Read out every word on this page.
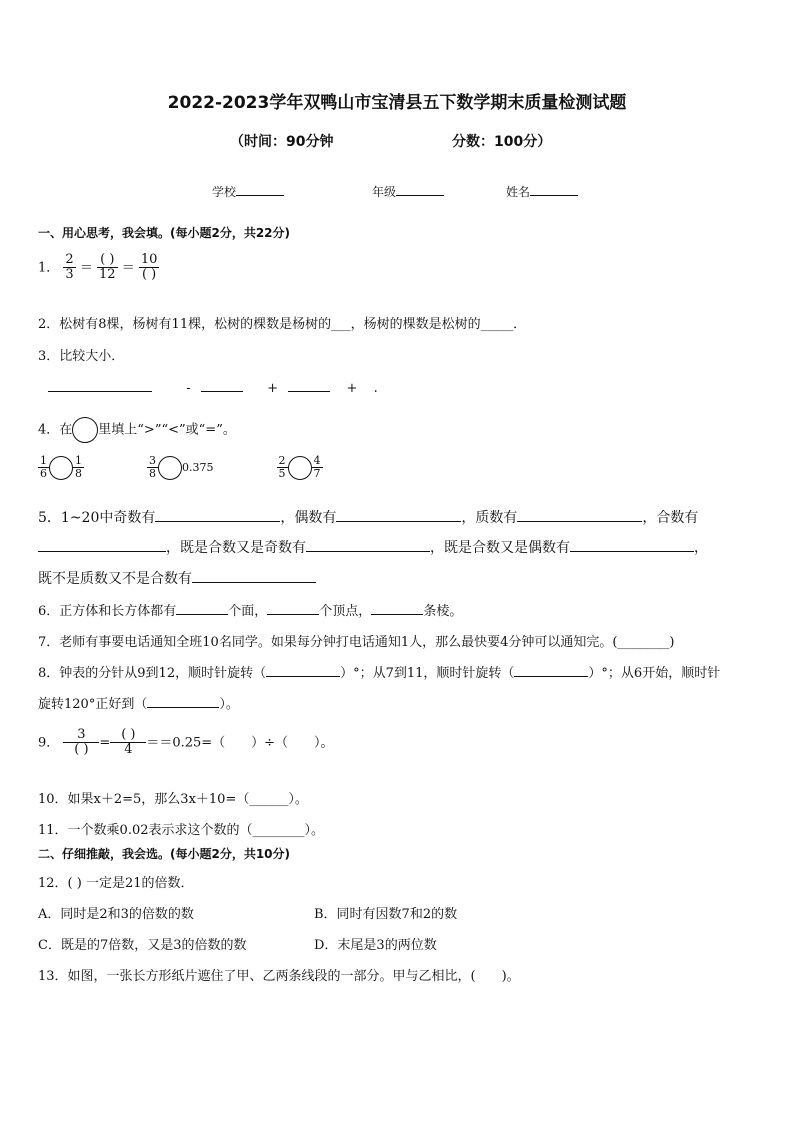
2022-2023学年双鸭山市宝清县五下数学期末质量检测试题
（时间：90分钟	分数：100分）
学校	年级	姓名
一、用心思考，我会填。(每小题2分，共22分)
1． $\frac{2}{3} = \frac{( )}{12} = \frac{10}{( )}$
2．松树有8棵，杨树有11棵，松树的棵数是杨树的___，杨树的棵数是松树的_____．
3．比较大小．
-	+	+ .
4．在 里填上“>”“<”或“=”。
$\frac{1}{6} \frac{1}{8}$
	$\frac{3}{8} 0.375$	$\frac{2}{5} \frac{4}{7}$
5．1~20中奇数有	，偶数有	，质数有	，合数有
，既是合数又是奇数有	，既是合数又是偶数有	，
既不是质数又不是合数有
6．正方体和长方体都有	个面，	个顶点，	条棱。
7．老师有事要电话通知全班10名同学。如果每分钟打电话通知1人，那么最快要4分钟可以通知完。(________)
8．钟表的分针从9到12，顺时针旋转（	）°；从7到11，顺时针旋转（	）°；从6开始，顺时针
旋转120°正好到（	）。
9． $\frac{3}{( )} = \frac{( )}{4} ==0.25=$（　　）÷（　　）。
10．如果x＋2=5，那么3x＋10=（______）。
11．一个数乘0.02表示求这个数的（________）。
二、仔细推敲，我会选。(每小题2分，共10分)
12．( ) 一定是21的倍数．
A．同时是2和3的倍数的数	B．同时有因数7和2的数
C．既是的7倍数，又是3的倍数的数	D．末尾是3的两位数
13．如图，一张长方形纸片遮住了甲、乙两条线段的一部分。甲与乙相比，(　　)。
